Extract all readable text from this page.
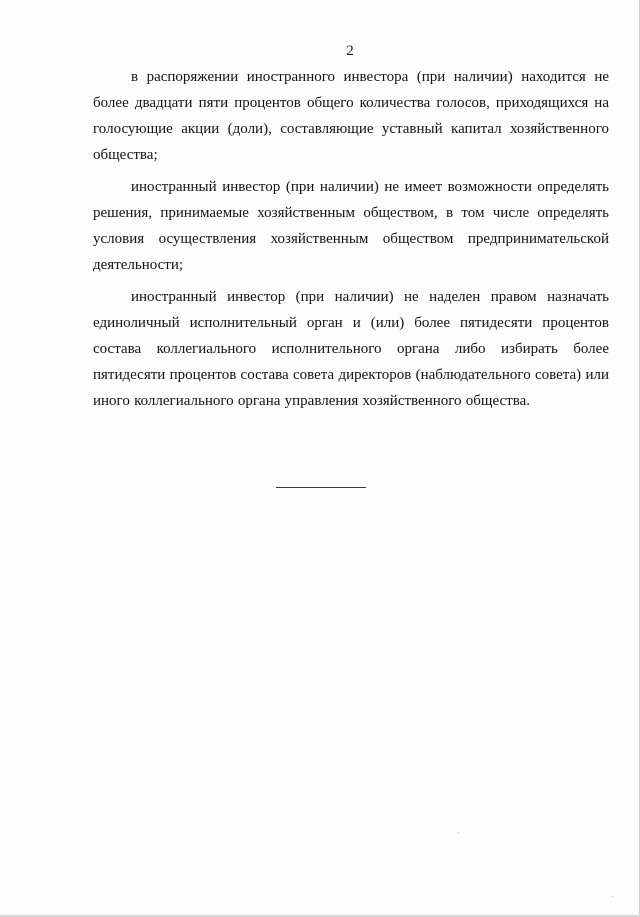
2

в распоряжении иностранного инвестора (при наличии) находится не более двадцати пяти процентов общего количества голосов, приходящихся на голосующие акции (доли), составляющие уставный капитал хозяйственного общества;

иностранный инвестор (при наличии) не имеет возможности определять решения, принимаемые хозяйственным обществом, в том числе определять условия осуществления хозяйственным обществом предпринимательской деятельности;

иностранный инвестор (при наличии) не наделен правом назначать единоличный исполнительный орган и (или) более пятидесяти процентов состава коллегиального исполнительного органа либо избирать более пятидесяти процентов состава совета директоров (наблюдательного совета) или иного коллегиального органа управления хозяйственного общества.
